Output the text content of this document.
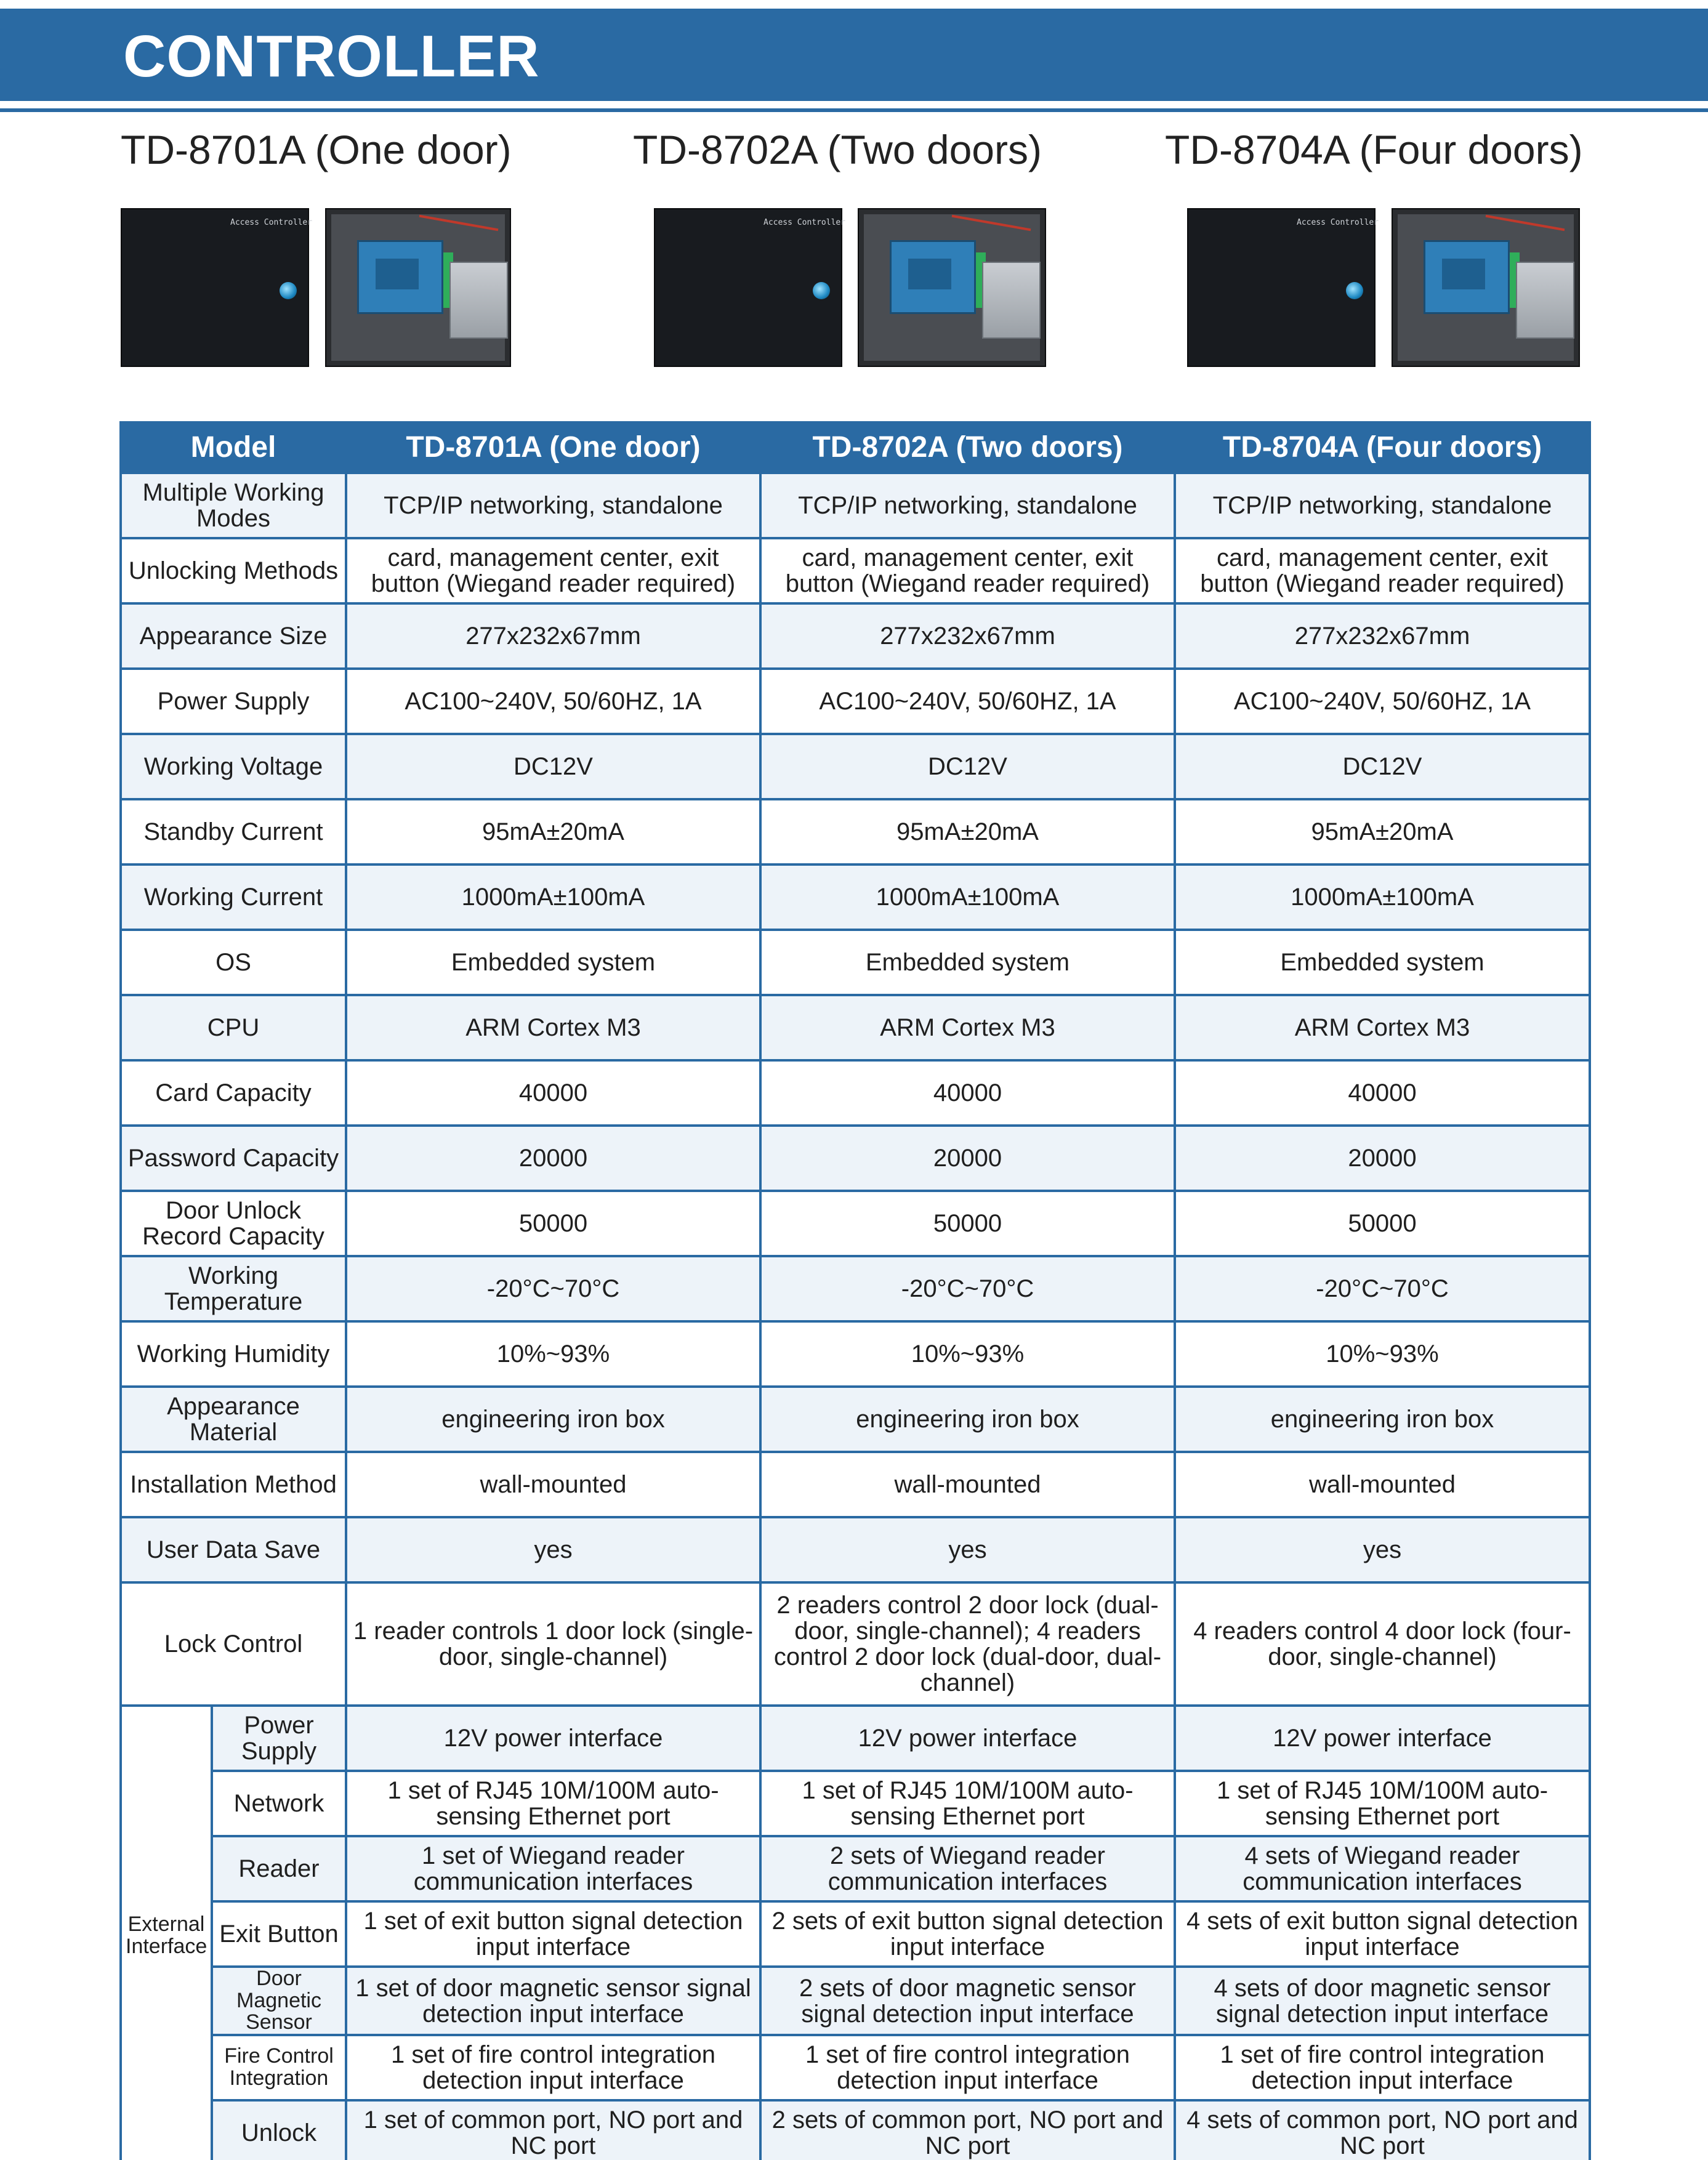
CONTROLLER
TD-8701A (One door)	TD-8702A (Two doors)	TD-8704A (Four doors)
Access Controller	Access Controller	Access Controller
Model		TD-8701A (One door)	TD-8702A (Two doors)	TD-8704A (Four doors)
Multiple Working Modes		TCP/IP networking, standalone	TCP/IP networking, standalone	TCP/IP networking, standalone
Unlocking Methods		card, management center, exit button (Wiegand reader required)	card, management center, exit button (Wiegand reader required)	card, management center, exit button (Wiegand reader required)
Appearance Size		277x232x67mm	277x232x67mm	277x232x67mm
Power Supply		AC100~240V, 50/60HZ, 1A	AC100~240V, 50/60HZ, 1A	AC100~240V, 50/60HZ, 1A
Working Voltage		DC12V	DC12V	DC12V
Standby Current		95mA±20mA	95mA±20mA	95mA±20mA
Working Current		1000mA±100mA	1000mA±100mA	1000mA±100mA
OS		Embedded system	Embedded system	Embedded system
CPU		ARM Cortex M3	ARM Cortex M3	ARM Cortex M3
Card Capacity		40000	40000	40000
Password Capacity		20000	20000	20000
Door Unlock Record Capacity		50000	50000	50000
Working Temperature		-20°C~70°C	-20°C~70°C	-20°C~70°C
Working Humidity		10%~93%	10%~93%	10%~93%
Appearance Material		engineering iron box	engineering iron box	engineering iron box
Installation Method		wall-mounted	wall-mounted	wall-mounted
User Data Save		yes	yes	yes
Lock Control		1 reader controls 1 door lock (single-door, single-channel)	2 readers control 2 door lock (dual-door, single-channel); 4 readers control 2 door lock (dual-door, dual-channel)	4 readers control 4 door lock (four-door, single-channel)
External Interface	Power Supply	12V power interface	12V power interface	12V power interface
	Network	1 set of RJ45 10M/100M auto-sensing Ethernet port	1 set of RJ45 10M/100M auto-sensing Ethernet port	1 set of RJ45 10M/100M auto-sensing Ethernet port
	Reader	1 set of Wiegand reader communication interfaces	2 sets of Wiegand reader communication interfaces	4 sets of Wiegand reader communication interfaces
	Exit Button	1 set of exit button signal detection input interface	2 sets of exit button signal detection input interface	4 sets of exit button signal detection input interface
	Door Magnetic Sensor	1 set of door magnetic sensor signal detection input interface	2 sets of door magnetic sensor signal detection input interface	4 sets of door magnetic sensor signal detection input interface
	Fire Control Integration	1 set of fire control integration detection input interface	1 set of fire control integration detection input interface	1 set of fire control integration detection input interface
	Unlock	1 set of common port, NO port and NC port	2 sets of common port, NO port and NC port	4 sets of common port, NO port and NC port
